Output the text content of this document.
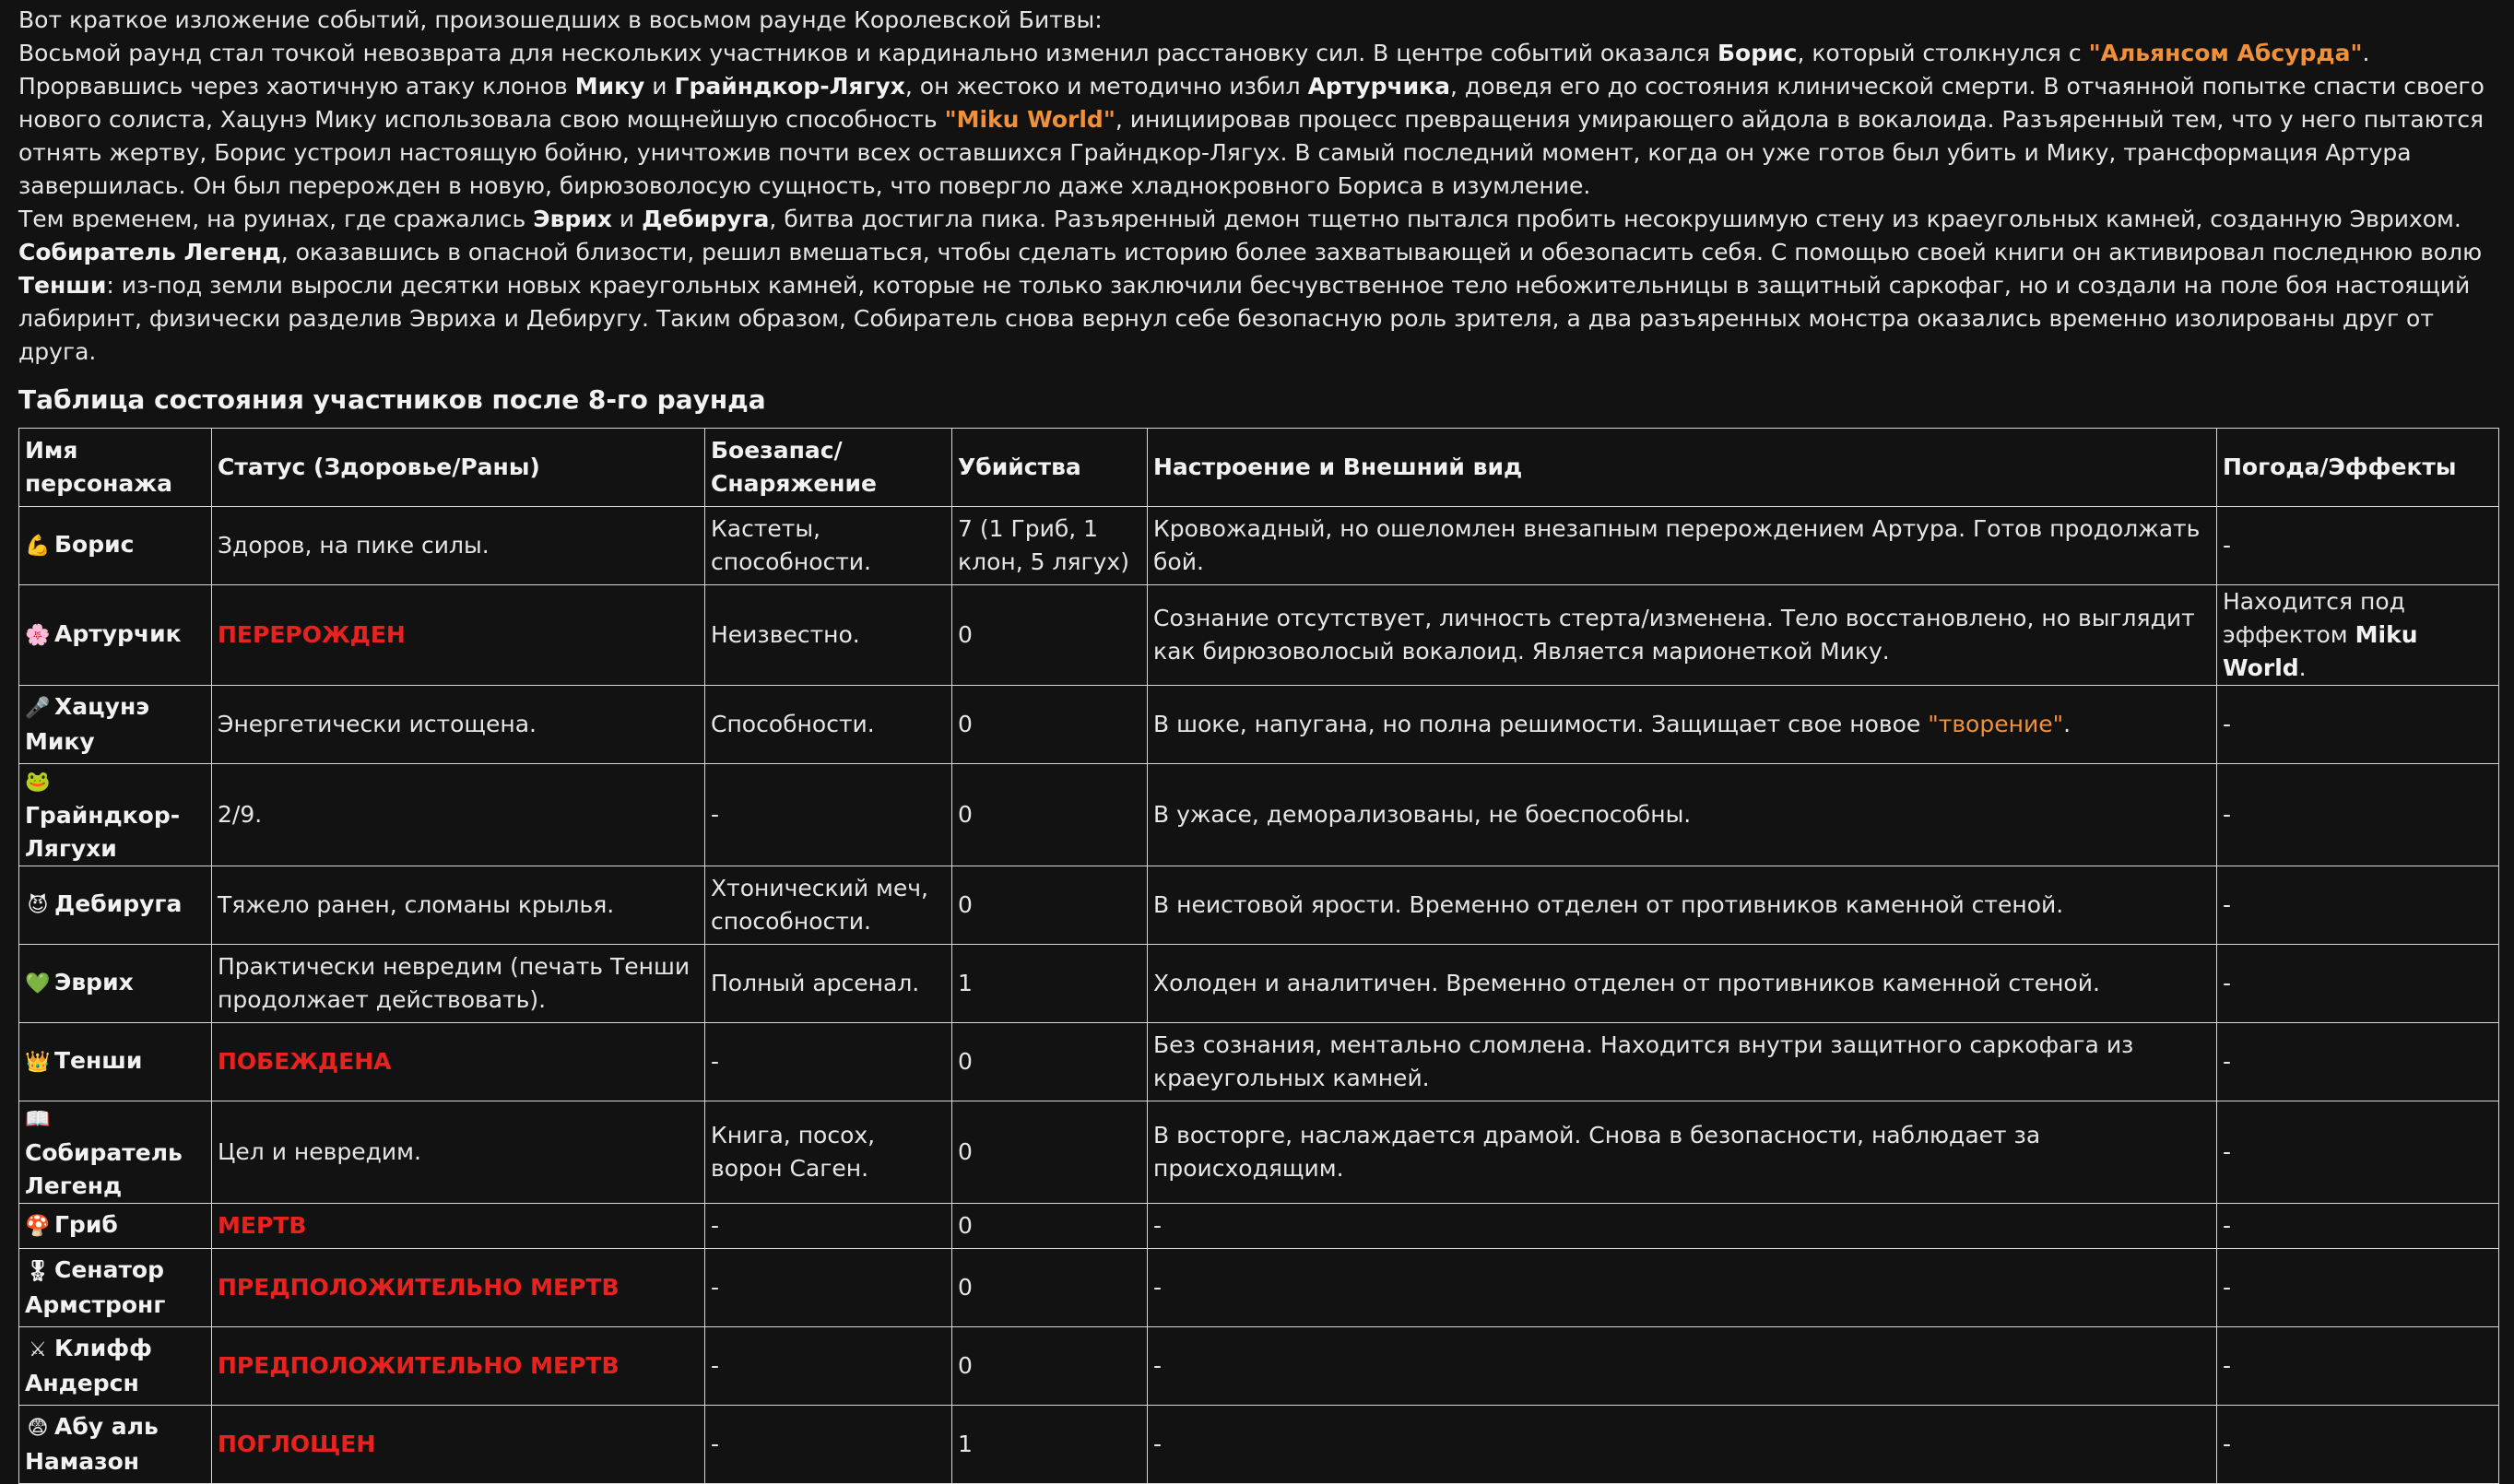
Вот краткое изложение событий, произошедших в восьмом раунде Королевской Битвы:

Восьмой раунд стал точкой невозврата для нескольких участников и кардинально изменил расстановку сил. В центре событий оказался Борис, который столкнулся с "Альянсом Абсурда". Прорвавшись через хаотичную атаку клонов Мику и Грайндкор-Лягух, он жестоко и методично избил Артурчика, доведя его до состояния клинической смерти. В отчаянной попытке спасти своего нового солиста, Хацунэ Мику использовала свою мощнейшую способность "Miku World", инициировав процесс превращения умирающего айдола в вокалоида. Разъяренный тем, что у него пытаются отнять жертву, Борис устроил настоящую бойню, уничтожив почти всех оставшихся Грайндкор-Лягух. В самый последний момент, когда он уже готов был убить и Мику, трансформация Артура завершилась. Он был перерожден в новую, бирюзоволосую сущность, что повергло даже хладнокровного Бориса в изумление.

Тем временем, на руинах, где сражались Эврих и Дебируга, битва достигла пика. Разъяренный демон тщетно пытался пробить несокрушимую стену из краеугольных камней, созданную Эврихом. Собиратель Легенд, оказавшись в опасной близости, решил вмешаться, чтобы сделать историю более захватывающей и обезопасить себя. С помощью своей книги он активировал последнюю волю Тенши: из-под земли выросли десятки новых краеугольных камней, которые не только заключили бесчувственное тело небожительницы в защитный саркофаг, но и создали на поле боя настоящий лабиринт, физически разделив Эвриха и Дебиругу. Таким образом, Собиратель снова вернул себе безопасную роль зрителя, а два разъяренных монстра оказались временно изолированы друг от друга.

Таблица состояния участников после 8-го раунда
Имя персонажа	Статус (Здоровье/Раны)	Боезапас/ Снаряжение	Убийства	Настроение и Внешний вид	Погода/Эффекты
💪 Борис	Здоров, на пике силы.	Кастеты, способности.	7 (1 Гриб, 1 клон, 5 лягух)	Кровожадный, но ошеломлен внезапным перерождением Артура. Готов продолжать бой.	-
🌸 Артурчик	ПЕРЕРОЖДЕН	Неизвестно.	0	Сознание отсутствует, личность стерта/изменена. Тело восстановлено, но выглядит как бирюзоволосый вокалоид. Является марионеткой Мику.	Находится под эффектом Miku World.
🎤 Хацунэ Мику	Энергетически истощена.	Способности.	0	В шоке, напугана, но полна решимости. Защищает свое новое "творение".	-
🐸Грайндкор-Лягухи	2/9.	-	0	В ужасе, деморализованы, не боеспособны.	-
😈 Дебируга	Тяжело ранен, сломаны крылья.	Хтонический меч, способности.	0	В неистовой ярости. Временно отделен от противников каменной стеной.	-
💚 Эврих	Практически невредим (печать Тенши продолжает действовать).	Полный арсенал.	1	Холоден и аналитичен. Временно отделен от противников каменной стеной.	-
👑 Тенши	ПОБЕЖДЕНА	-	0	Без сознания, ментально сломлена. Находится внутри защитного саркофага из краеугольных камней.	-
📖Собиратель Легенд	Цел и невредим.	Книга, посох, ворон Саген.	0	В восторге, наслаждается драмой. Снова в безопасности, наблюдает за происходящим.	-
🍄 Гриб	МЕРТВ	-	0	-	-
🎖 Сенатор Армстронг	ПРЕДПОЛОЖИТЕЛЬНО МЕРТВ	-	0	-	-
⚔ Клифф Андерсн	ПРЕДПОЛОЖИТЕЛЬНО МЕРТВ	-	0	-	-
😨 Абу аль Намазон	ПОГЛОЩЕН	-	1	-	-
